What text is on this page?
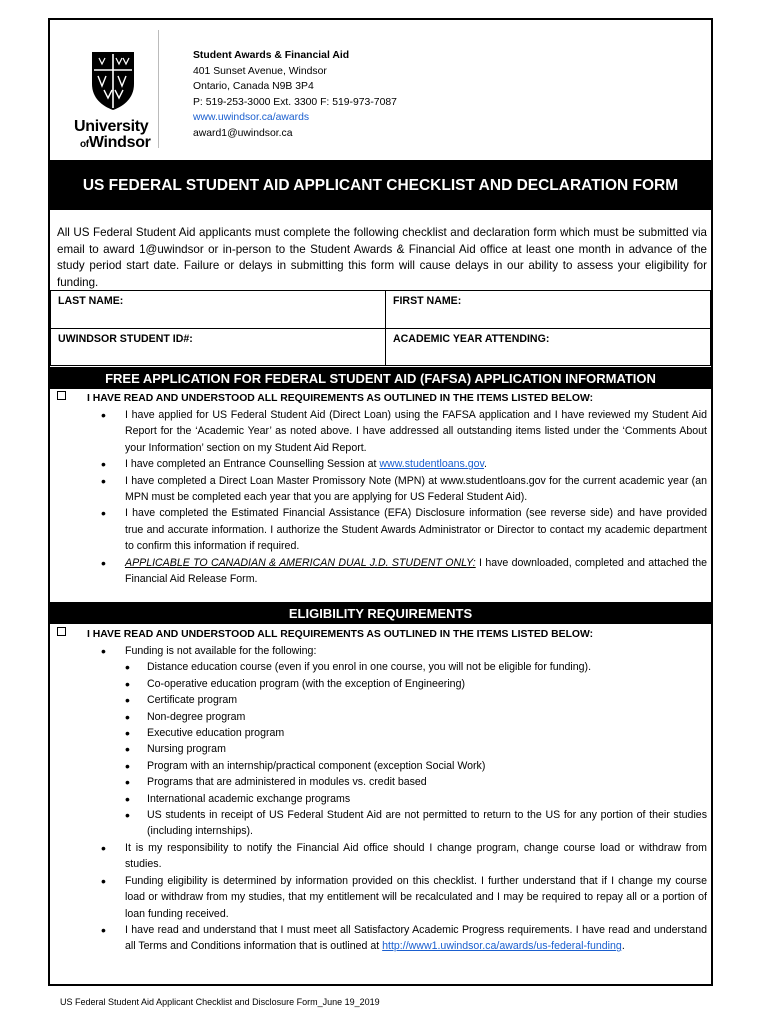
University
ofWindsor
Student Awards & Financial Aid
401 Sunset Avenue, Windsor
Ontario, Canada N9B 3P4
P: 519-253-3000 Ext. 3300 F: 519-973-7087
www.uwindsor.ca/awards
award1@uwindsor.ca
US FEDERAL STUDENT AID APPLICANT CHECKLIST AND DECLARATION FORM
All US Federal Student Aid applicants must complete the following checklist and declaration form which must be submitted via email to award 1@uwindsor or in-person to the Student Awards & Financial Aid office at least one month in advance of the study period start date. Failure or delays in submitting this form will cause delays in our ability to assess your eligibility for funding.
LAST NAME:	FIRST NAME:
UWINDSOR STUDENT ID#:	ACADEMIC YEAR ATTENDING:
FREE APPLICATION FOR FEDERAL STUDENT AID (FAFSA) APPLICATION INFORMATION
I HAVE READ AND UNDERSTOOD ALL REQUIREMENTS AS OUTLINED IN THE ITEMS LISTED BELOW:
• I have applied for US Federal Student Aid (Direct Loan) using the FAFSA application and I have reviewed my Student Aid Report for the ‘Academic Year’ as noted above. I have addressed all outstanding items listed under the ‘Comments About your Information’ section on my Student Aid Report.
• I have completed an Entrance Counselling Session at www.studentloans.gov.
• I have completed a Direct Loan Master Promissory Note (MPN) at www.studentloans.gov for the current academic year (an MPN must be completed each year that you are applying for US Federal Student Aid).
• I have completed the Estimated Financial Assistance (EFA) Disclosure information (see reverse side) and have provided true and accurate information. I authorize the Student Awards Administrator or Director to contact my academic department to confirm this information if required.
• APPLICABLE TO CANADIAN & AMERICAN DUAL J.D. STUDENT ONLY: I have downloaded, completed and attached the Financial Aid Release Form.
ELIGIBILITY REQUIREMENTS
I HAVE READ AND UNDERSTOOD ALL REQUIREMENTS AS OUTLINED IN THE ITEMS LISTED BELOW:
• Funding is not available for the following:
• Distance education course (even if you enrol in one course, you will not be eligible for funding).
• Co-operative education program (with the exception of Engineering)
• Certificate program
• Non-degree program
• Executive education program
• Nursing program
• Program with an internship/practical component (exception Social Work)
• Programs that are administered in modules vs. credit based
• International academic exchange programs
• US students in receipt of US Federal Student Aid are not permitted to return to the US for any portion of their studies (including internships).
• It is my responsibility to notify the Financial Aid office should I change program, change course load or withdraw from studies.
• Funding eligibility is determined by information provided on this checklist. I further understand that if I change my course load or withdraw from my studies, that my entitlement will be recalculated and I may be required to repay all or a portion of loan funding received.
• I have read and understand that I must meet all Satisfactory Academic Progress requirements. I have read and understand all Terms and Conditions information that is outlined at http://www1.uwindsor.ca/awards/us-federal-funding.
US Federal Student Aid Applicant Checklist and Disclosure Form_June 19_2019
